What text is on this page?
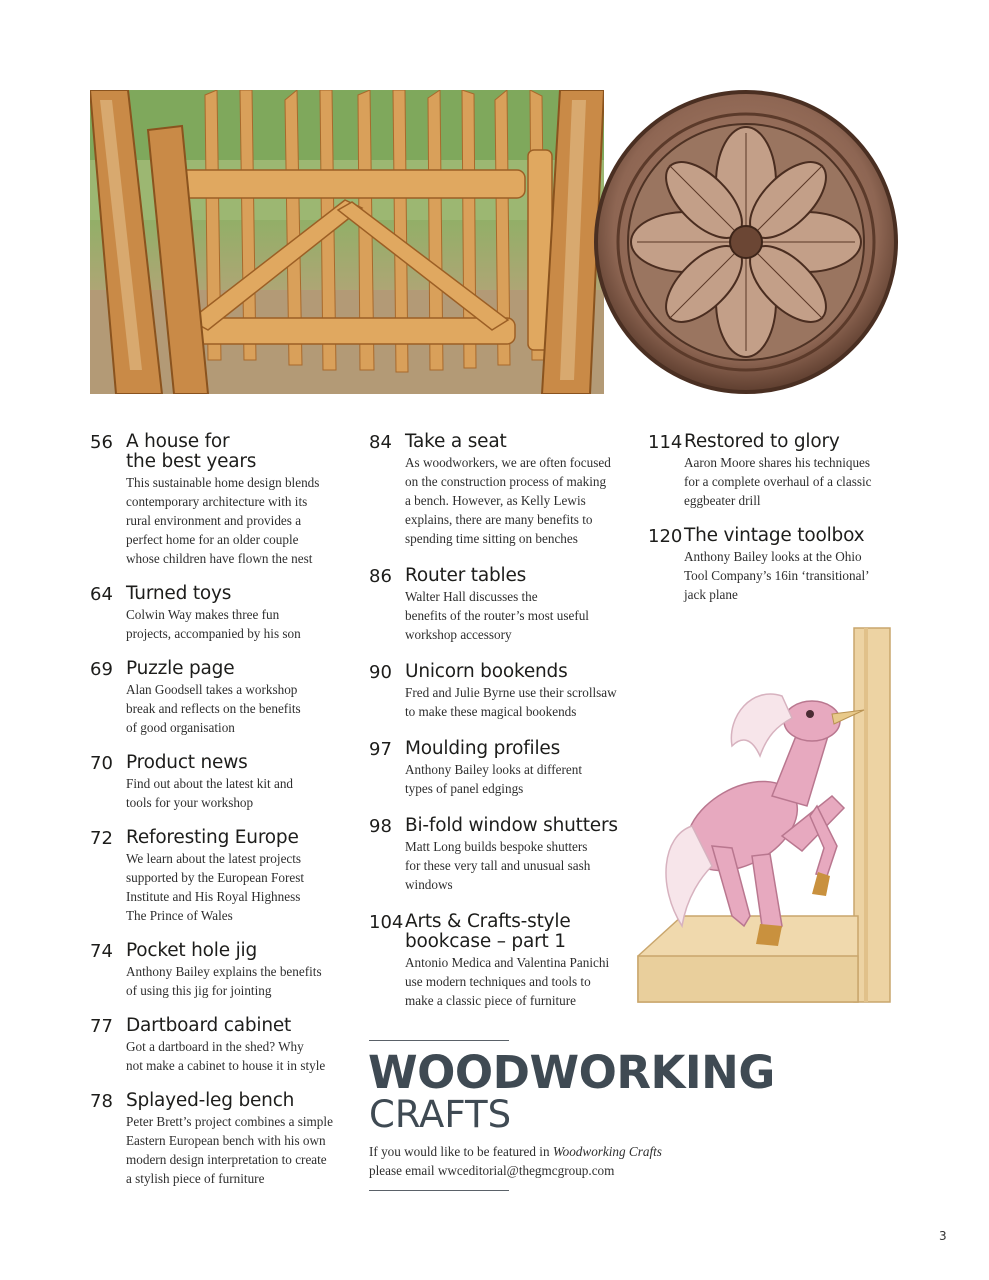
56 A house for
the best years
This sustainable home design blends
contemporary architecture with its
rural environment and provides a
perfect home for an older couple
whose children have flown the nest
64 Turned toys
Colwin Way makes three fun
projects, accompanied by his son
69 Puzzle page
Alan Goodsell takes a workshop
break and reflects on the benefits
of good organisation
70 Product news
Find out about the latest kit and
tools for your workshop
72 Reforesting Europe
We learn about the latest projects
supported by the European Forest
Institute and His Royal Highness
The Prince of Wales
74 Pocket hole jig
Anthony Bailey explains the benefits
of using this jig for jointing
77 Dartboard cabinet
Got a dartboard in the shed? Why
not make a cabinet to house it in style
78 Splayed-leg bench
Peter Brett’s project combines a simple
Eastern European bench with his own
modern design interpretation to create
a stylish piece of furniture
84 Take a seat
As woodworkers, we are often focused
on the construction process of making
a bench. However, as Kelly Lewis
explains, there are many benefits to
spending time sitting on benches
86 Router tables
Walter Hall discusses the
benefits of the router’s most useful
workshop accessory
90 Unicorn bookends
Fred and Julie Byrne use their scrollsaw
to make these magical bookends
97 Moulding profiles
Anthony Bailey looks at different
types of panel edgings
98 Bi-fold window shutters
Matt Long builds bespoke shutters
for these very tall and unusual sash
windows
104 Arts & Crafts-style
bookcase – part 1
Antonio Medica and Valentina Panichi
use modern techniques and tools to
make a classic piece of furniture
114 Restored to glory
Aaron Moore shares his techniques
for a complete overhaul of a classic
eggbeater drill
120 The vintage toolbox
Anthony Bailey looks at the Ohio
Tool Company’s 16in ‘transitional’
jack plane
WOODWORKING
CRAFTS
If you would like to be featured in Woodworking Crafts
please email wwceditorial@thegmcgroup.com
3
